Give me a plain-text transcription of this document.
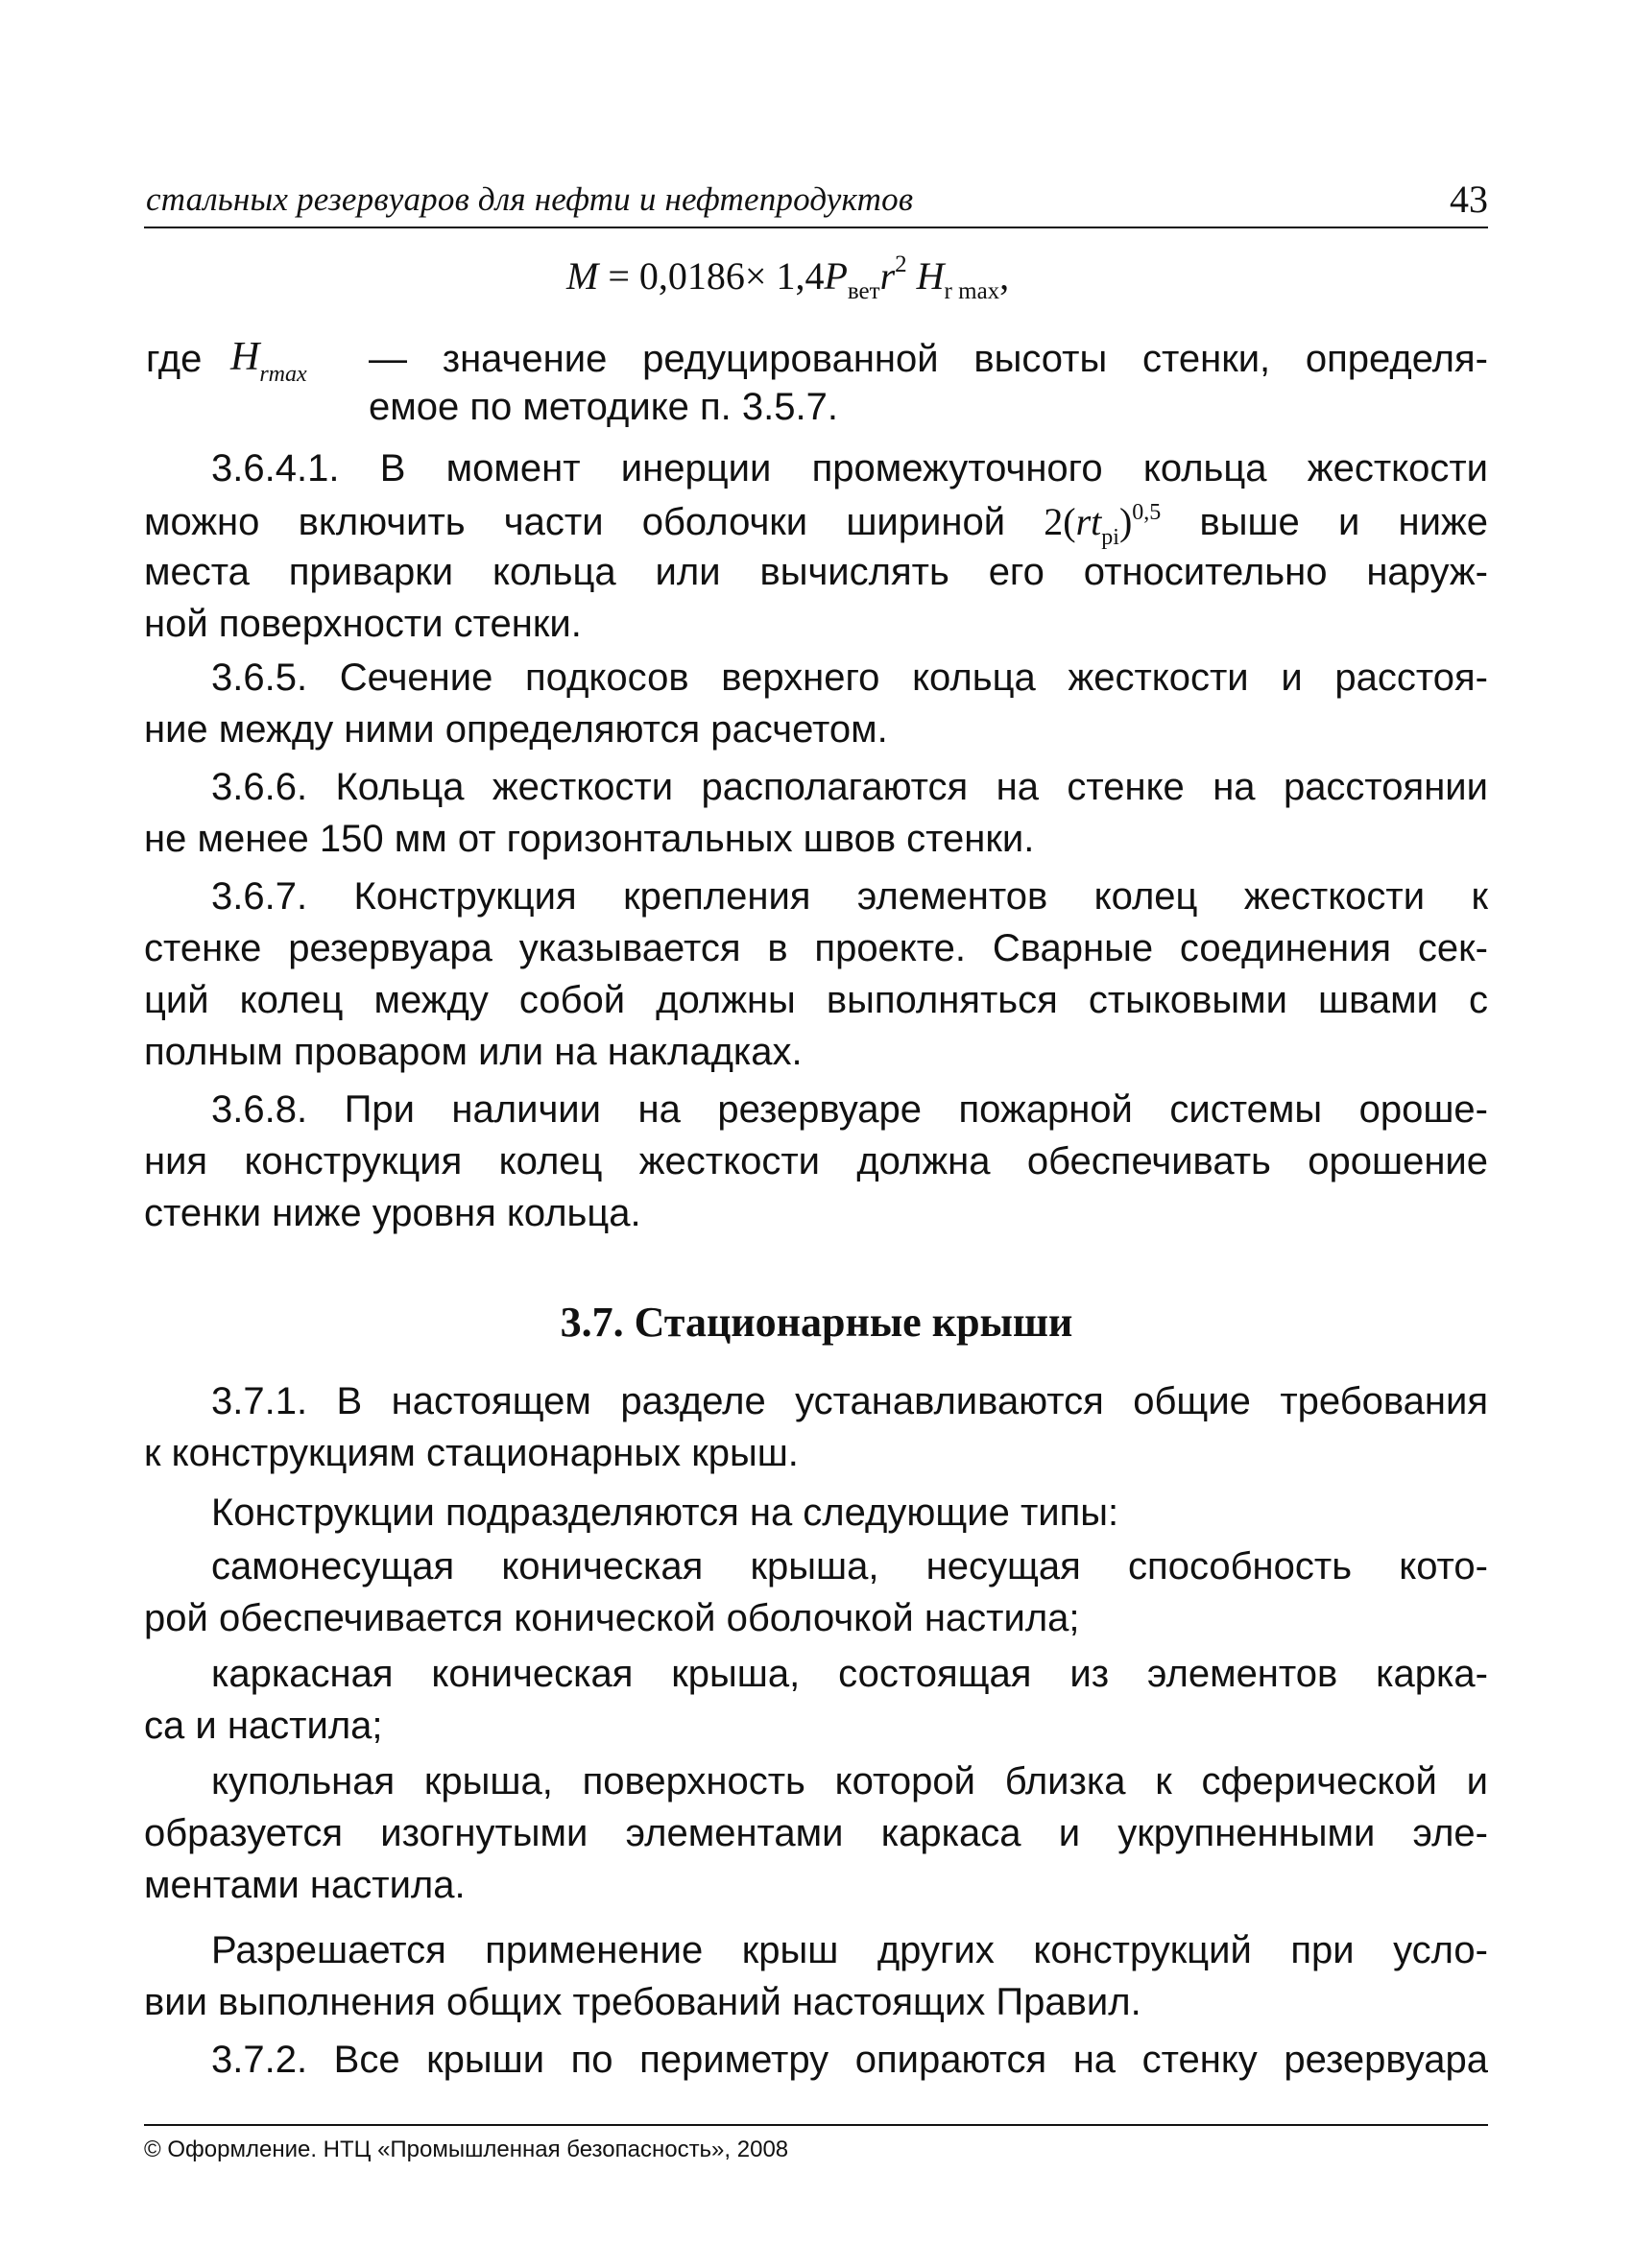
стальных резервуаров для нефти и нефтепродуктов	43
$M = 0,0186\times 1,4P_{вет}r^2$ $H_{r max}$,
где $H_{rmax}$ — значение редуцированной высоты стенки, определя-
емое по методике п. 3.5.7.
3.6.4.1. В момент инерции промежуточного кольца жесткости
можно включить части оболочки шириной $2(rt_{pi})^{0,5}$ выше и ниже
места приварки кольца или вычислять его относительно наруж-
ной поверхности стенки.
3.6.5. Сечение подкосов верхнего кольца жесткости и расстоя-
ние между ними определяются расчетом.
3.6.6. Кольца жесткости располагаются на стенке на расстоянии
не менее 150 мм от горизонтальных швов стенки.
3.6.7. Конструкция крепления элементов колец жесткости к
стенке резервуара указывается в проекте. Сварные соединения сек-
ций колец между собой должны выполняться стыковыми швами с
полным проваром или на накладках.
3.6.8. При наличии на резервуаре пожарной системы ороше-
ния конструкция колец жесткости должна обеспечивать орошение
стенки ниже уровня кольца.
3.7. Стационарные крыши
3.7.1. В настоящем разделе устанавливаются общие требования
к конструкциям стационарных крыш.
Конструкции подразделяются на следующие типы:
самонесущая коническая крыша, несущая способность кото-
рой обеспечивается конической оболочкой настила;
каркасная коническая крыша, состоящая из элементов карка-
са и настила;
купольная крыша, поверхность которой близка к сферической и
образуется изогнутыми элементами каркаса и укрупненными эле-
ментами настила.
Разрешается применение крыш других конструкций при усло-
вии выполнения общих требований настоящих Правил.
3.7.2. Все крыши по периметру опираются на стенку резервуара
© Оформление. НТЦ «Промышленная безопасность», 2008
